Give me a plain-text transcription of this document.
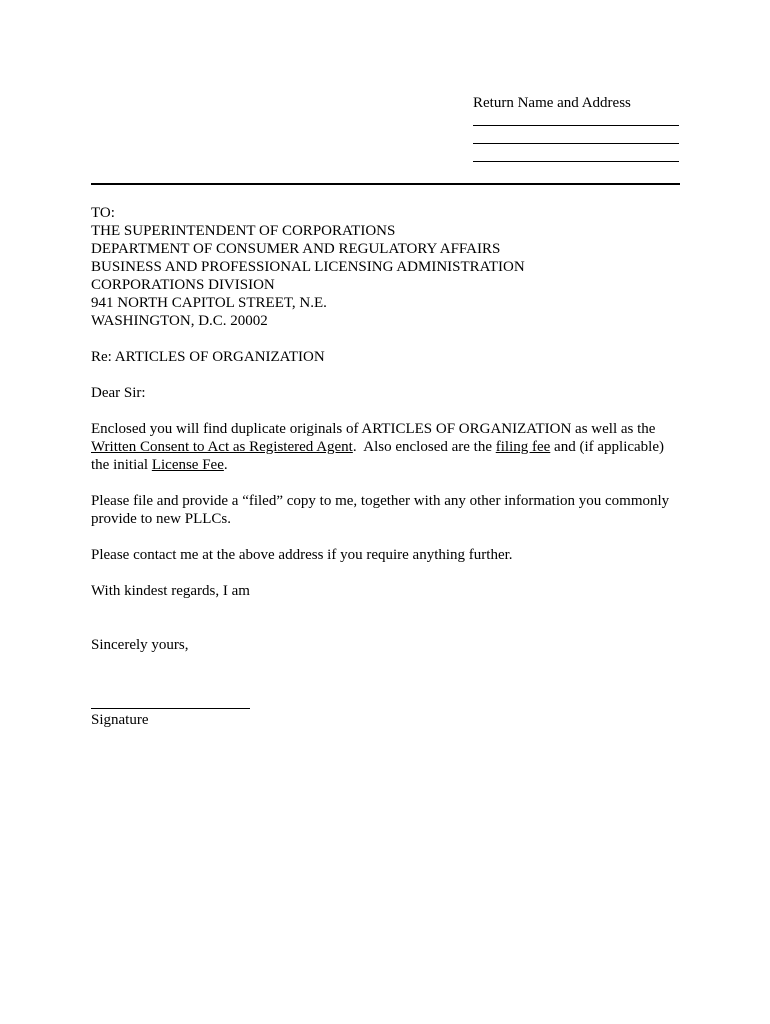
Return Name and Address
TO:
THE SUPERINTENDENT OF CORPORATIONS
DEPARTMENT OF CONSUMER AND REGULATORY AFFAIRS
BUSINESS AND PROFESSIONAL LICENSING ADMINISTRATION
CORPORATIONS DIVISION
941 NORTH CAPITOL STREET, N.E.
WASHINGTON, D.C. 20002
Re: ARTICLES OF ORGANIZATION
Dear Sir:
Enclosed you will find duplicate originals of ARTICLES OF ORGANIZATION as well as the
Written Consent to Act as Registered Agent.  Also enclosed are the filing fee and (if applicable)
the initial License Fee.
Please file and provide a “filed” copy to me, together with any other information you commonly
provide to new PLLCs.
Please contact me at the above address if you require anything further.
With kindest regards, I am
Sincerely yours,
Signature
